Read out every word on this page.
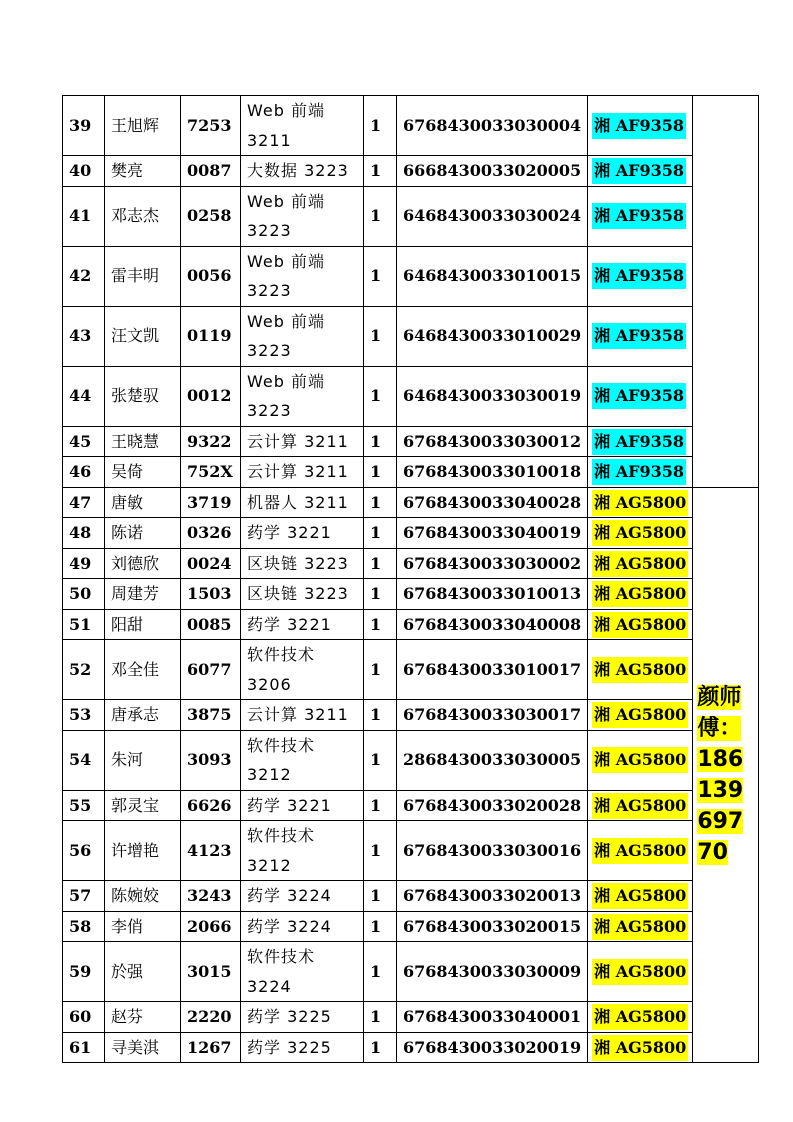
39	王旭辉	7253	Web 前端 3211	1	6768430033030004	湘 AF9358	
40	樊亮	0087	大数据 3223	1	6668430033020005	湘 AF9358	
41	邓志杰	0258	Web 前端 3223	1	6468430033030024	湘 AF9358	
42	雷丰明	0056	Web 前端 3223	1	6468430033010015	湘 AF9358	
43	汪文凯	0119	Web 前端 3223	1	6468430033010029	湘 AF9358	
44	张楚驭	0012	Web 前端 3223	1	6468430033030019	湘 AF9358	
45	王晓慧	9322	云计算 3211	1	6768430033030012	湘 AF9358	
46	吴倚	752X	云计算 3211	1	6768430033010018	湘 AF9358	
47	唐敏	3719	机器人 3211	1	6768430033040028	湘 AG5800	颜师傅：18613969770
48	陈诺	0326	药学 3221	1	6768430033040019	湘 AG5800	
49	刘德欣	0024	区块链 3223	1	6768430033030002	湘 AG5800	
50	周建芳	1503	区块链 3223	1	6768430033010013	湘 AG5800	
51	阳甜	0085	药学 3221	1	6768430033040008	湘 AG5800	
52	邓全佳	6077	软件技术 3206	1	6768430033010017	湘 AG5800	
53	唐承志	3875	云计算 3211	1	6768430033030017	湘 AG5800	
54	朱河	3093	软件技术 3212	1	2868430033030005	湘 AG5800	
55	郭灵宝	6626	药学 3221	1	6768430033020028	湘 AG5800	
56	许增艳	4123	软件技术 3212	1	6768430033030016	湘 AG5800	
57	陈婉姣	3243	药学 3224	1	6768430033020013	湘 AG5800	
58	李俏	2066	药学 3224	1	6768430033020015	湘 AG5800	
59	於强	3015	软件技术 3224	1	6768430033030009	湘 AG5800	
60	赵芬	2220	药学 3225	1	6768430033040001	湘 AG5800	
61	寻美淇	1267	药学 3225	1	6768430033020019	湘 AG5800	
